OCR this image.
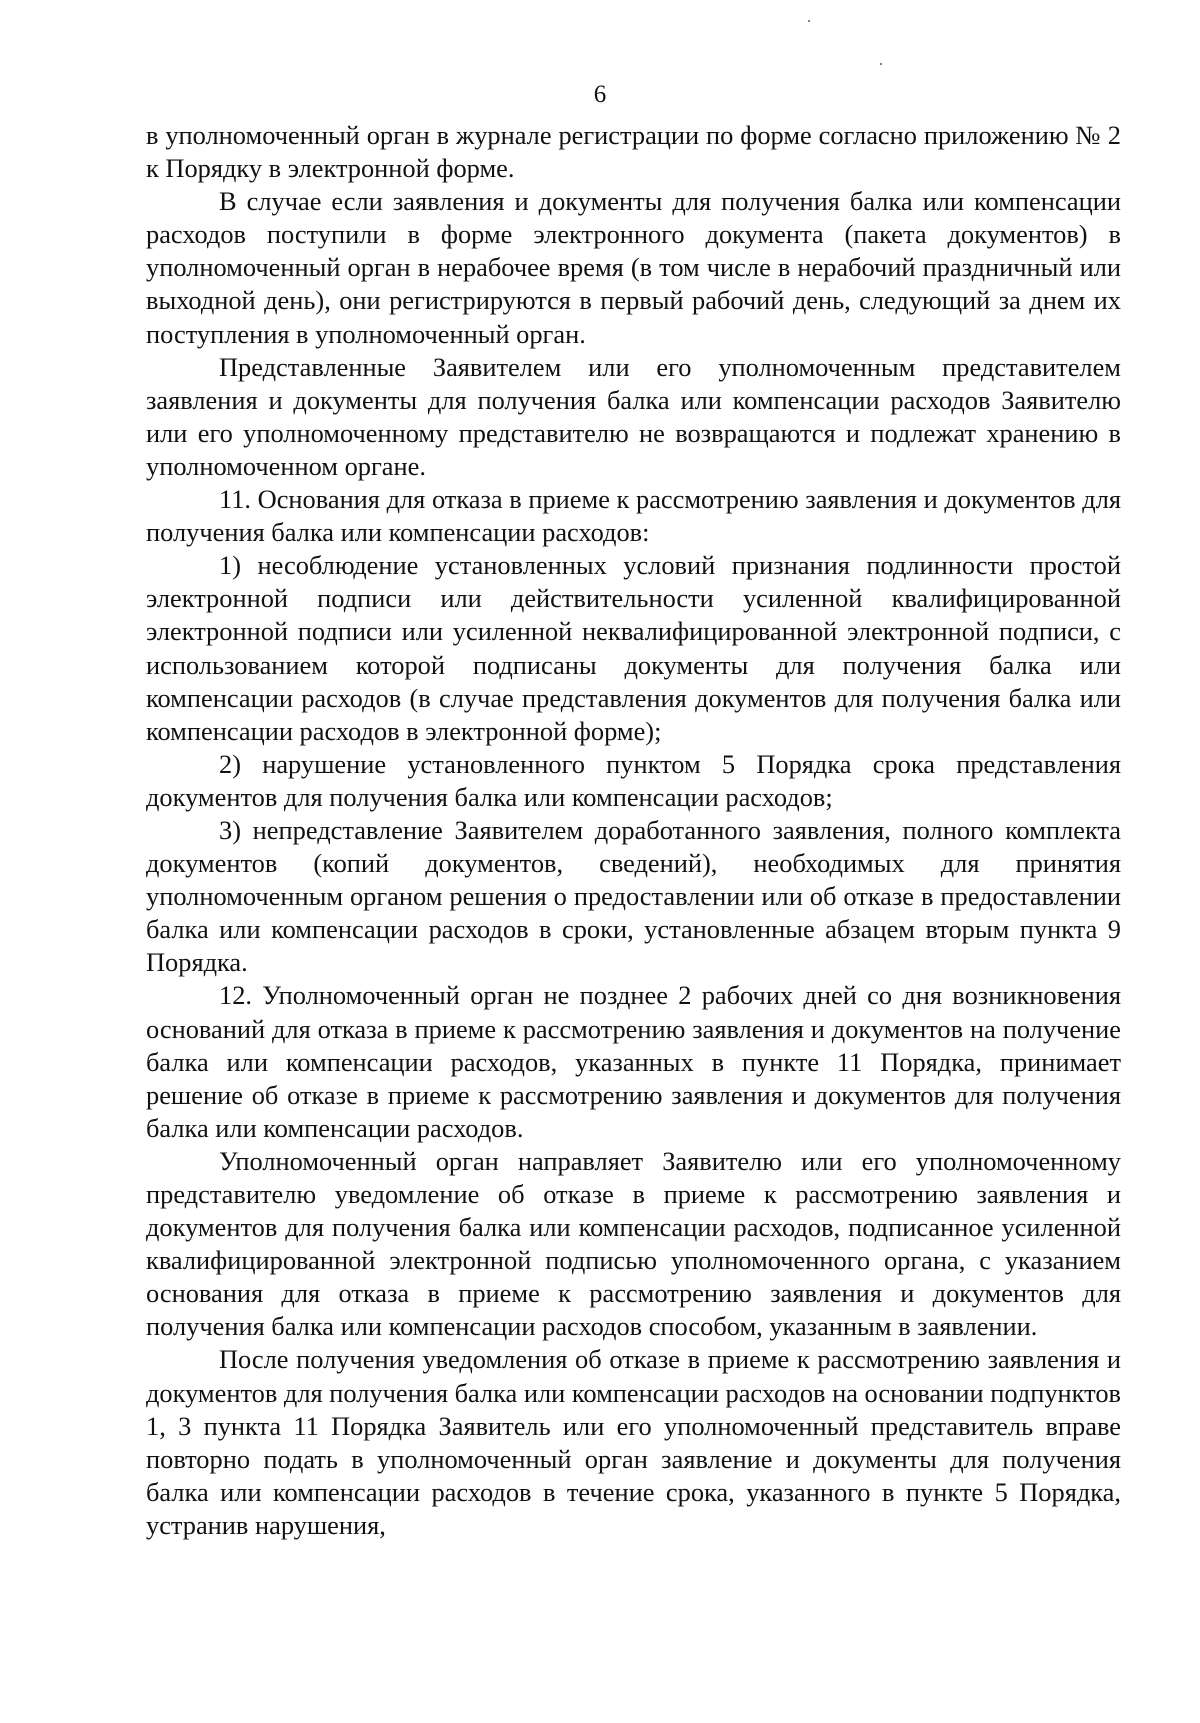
6

в уполномоченный орган в журнале регистрации по форме согласно приложению № 2 к Порядку в электронной форме.

В случае если заявления и документы для получения балка или компенсации расходов поступили в форме электронного документа (пакета документов) в уполномоченный орган в нерабочее время (в том числе в нерабочий праздничный или выходной день), они регистрируются в первый рабочий день, следующий за днем их поступления в уполномоченный орган.

Представленные Заявителем или его уполномоченным представителем заявления и документы для получения балка или компенсации расходов Заявителю или его уполномоченному представителю не возвращаются и подлежат хранению в уполномоченном органе.

11. Основания для отказа в приеме к рассмотрению заявления и документов для получения балка или компенсации расходов:

1) несоблюдение установленных условий признания подлинности простой электронной подписи или действительности усиленной квалифицированной электронной подписи или усиленной неквалифицированной электронной подписи, с использованием которой подписаны документы для получения балка или компенсации расходов (в случае представления документов для получения балка или компенсации расходов в электронной форме);

2) нарушение установленного пунктом 5 Порядка срока представления документов для получения балка или компенсации расходов;

3) непредставление Заявителем доработанного заявления, полного комплекта документов (копий документов, сведений), необходимых для принятия уполномоченным органом решения о предоставлении или об отказе в предоставлении балка или компенсации расходов в сроки, установленные абзацем вторым пункта 9 Порядка.

12. Уполномоченный орган не позднее 2 рабочих дней со дня возникновения оснований для отказа в приеме к рассмотрению заявления и документов на получение балка или компенсации расходов, указанных в пункте 11 Порядка, принимает решение об отказе в приеме к рассмотрению заявления и документов для получения балка или компенсации расходов.

Уполномоченный орган направляет Заявителю или его уполномоченному представителю уведомление об отказе в приеме к рассмотрению заявления и документов для получения балка или компенсации расходов, подписанное усиленной квалифицированной электронной подписью уполномоченного органа, с указанием основания для отказа в приеме к рассмотрению заявления и документов для получения балка или компенсации расходов способом, указанным в заявлении.

После получения уведомления об отказе в приеме к рассмотрению заявления и документов для получения балка или компенсации расходов на основании подпунктов 1, 3 пункта 11 Порядка Заявитель или его уполномоченный представитель вправе повторно подать в уполномоченный орган заявление и документы для получения балка или компенсации расходов в течение срока, указанного в пункте 5 Порядка, устранив нарушения,
